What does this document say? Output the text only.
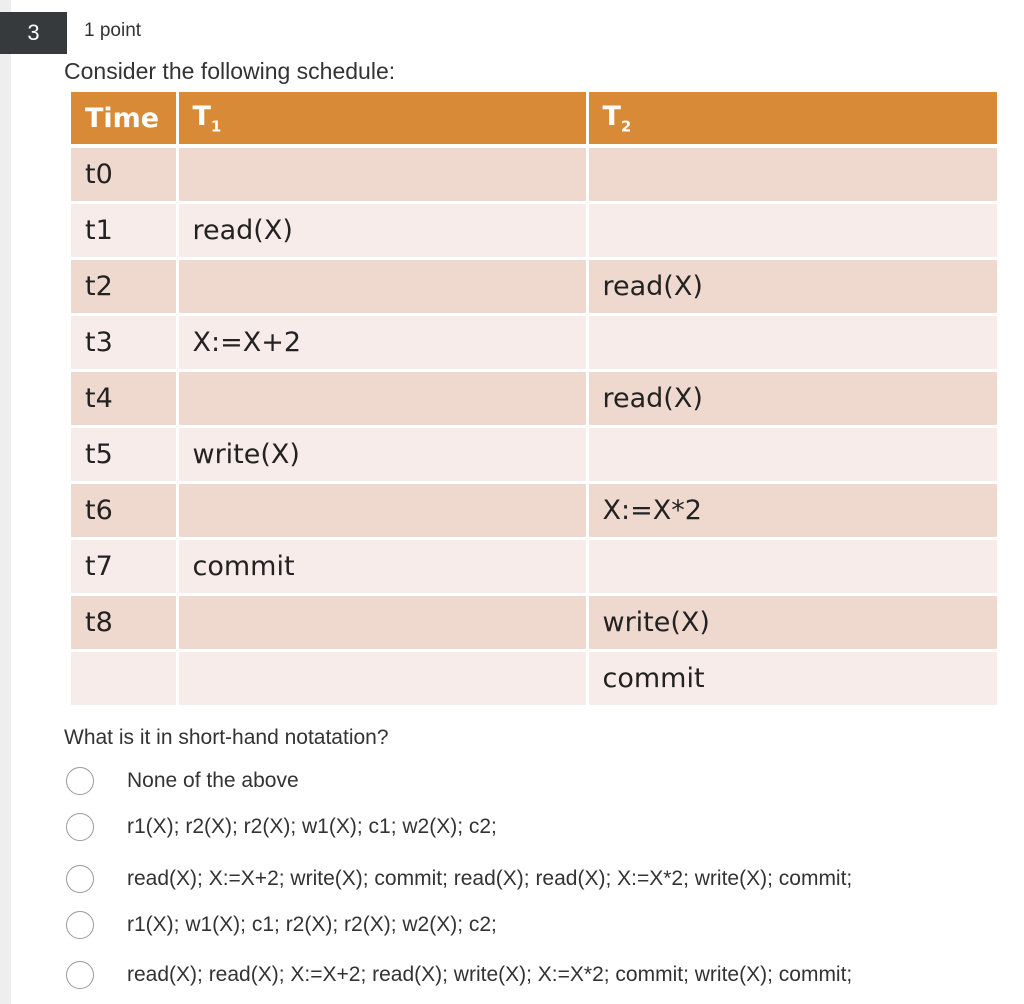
3	1 point
Consider the following schedule:
Time	$T_1$	$T_2$
t0		
t1	read(X)	
t2		read(X)
t3	X:=X+2	
t4		read(X)
t5	write(X)	
t6		X:=X*2
t7	commit	
t8		write(X)
		commit
What is it in short-hand notatation?
None of the above
r1(X); r2(X); r2(X); w1(X); c1; w2(X); c2;
read(X); X:=X+2; write(X); commit; read(X); read(X); X:=X*2; write(X); commit;
r1(X); w1(X); c1; r2(X); r2(X); w2(X); c2;
read(X); read(X); X:=X+2; read(X); write(X); X:=X*2; commit; write(X); commit;
